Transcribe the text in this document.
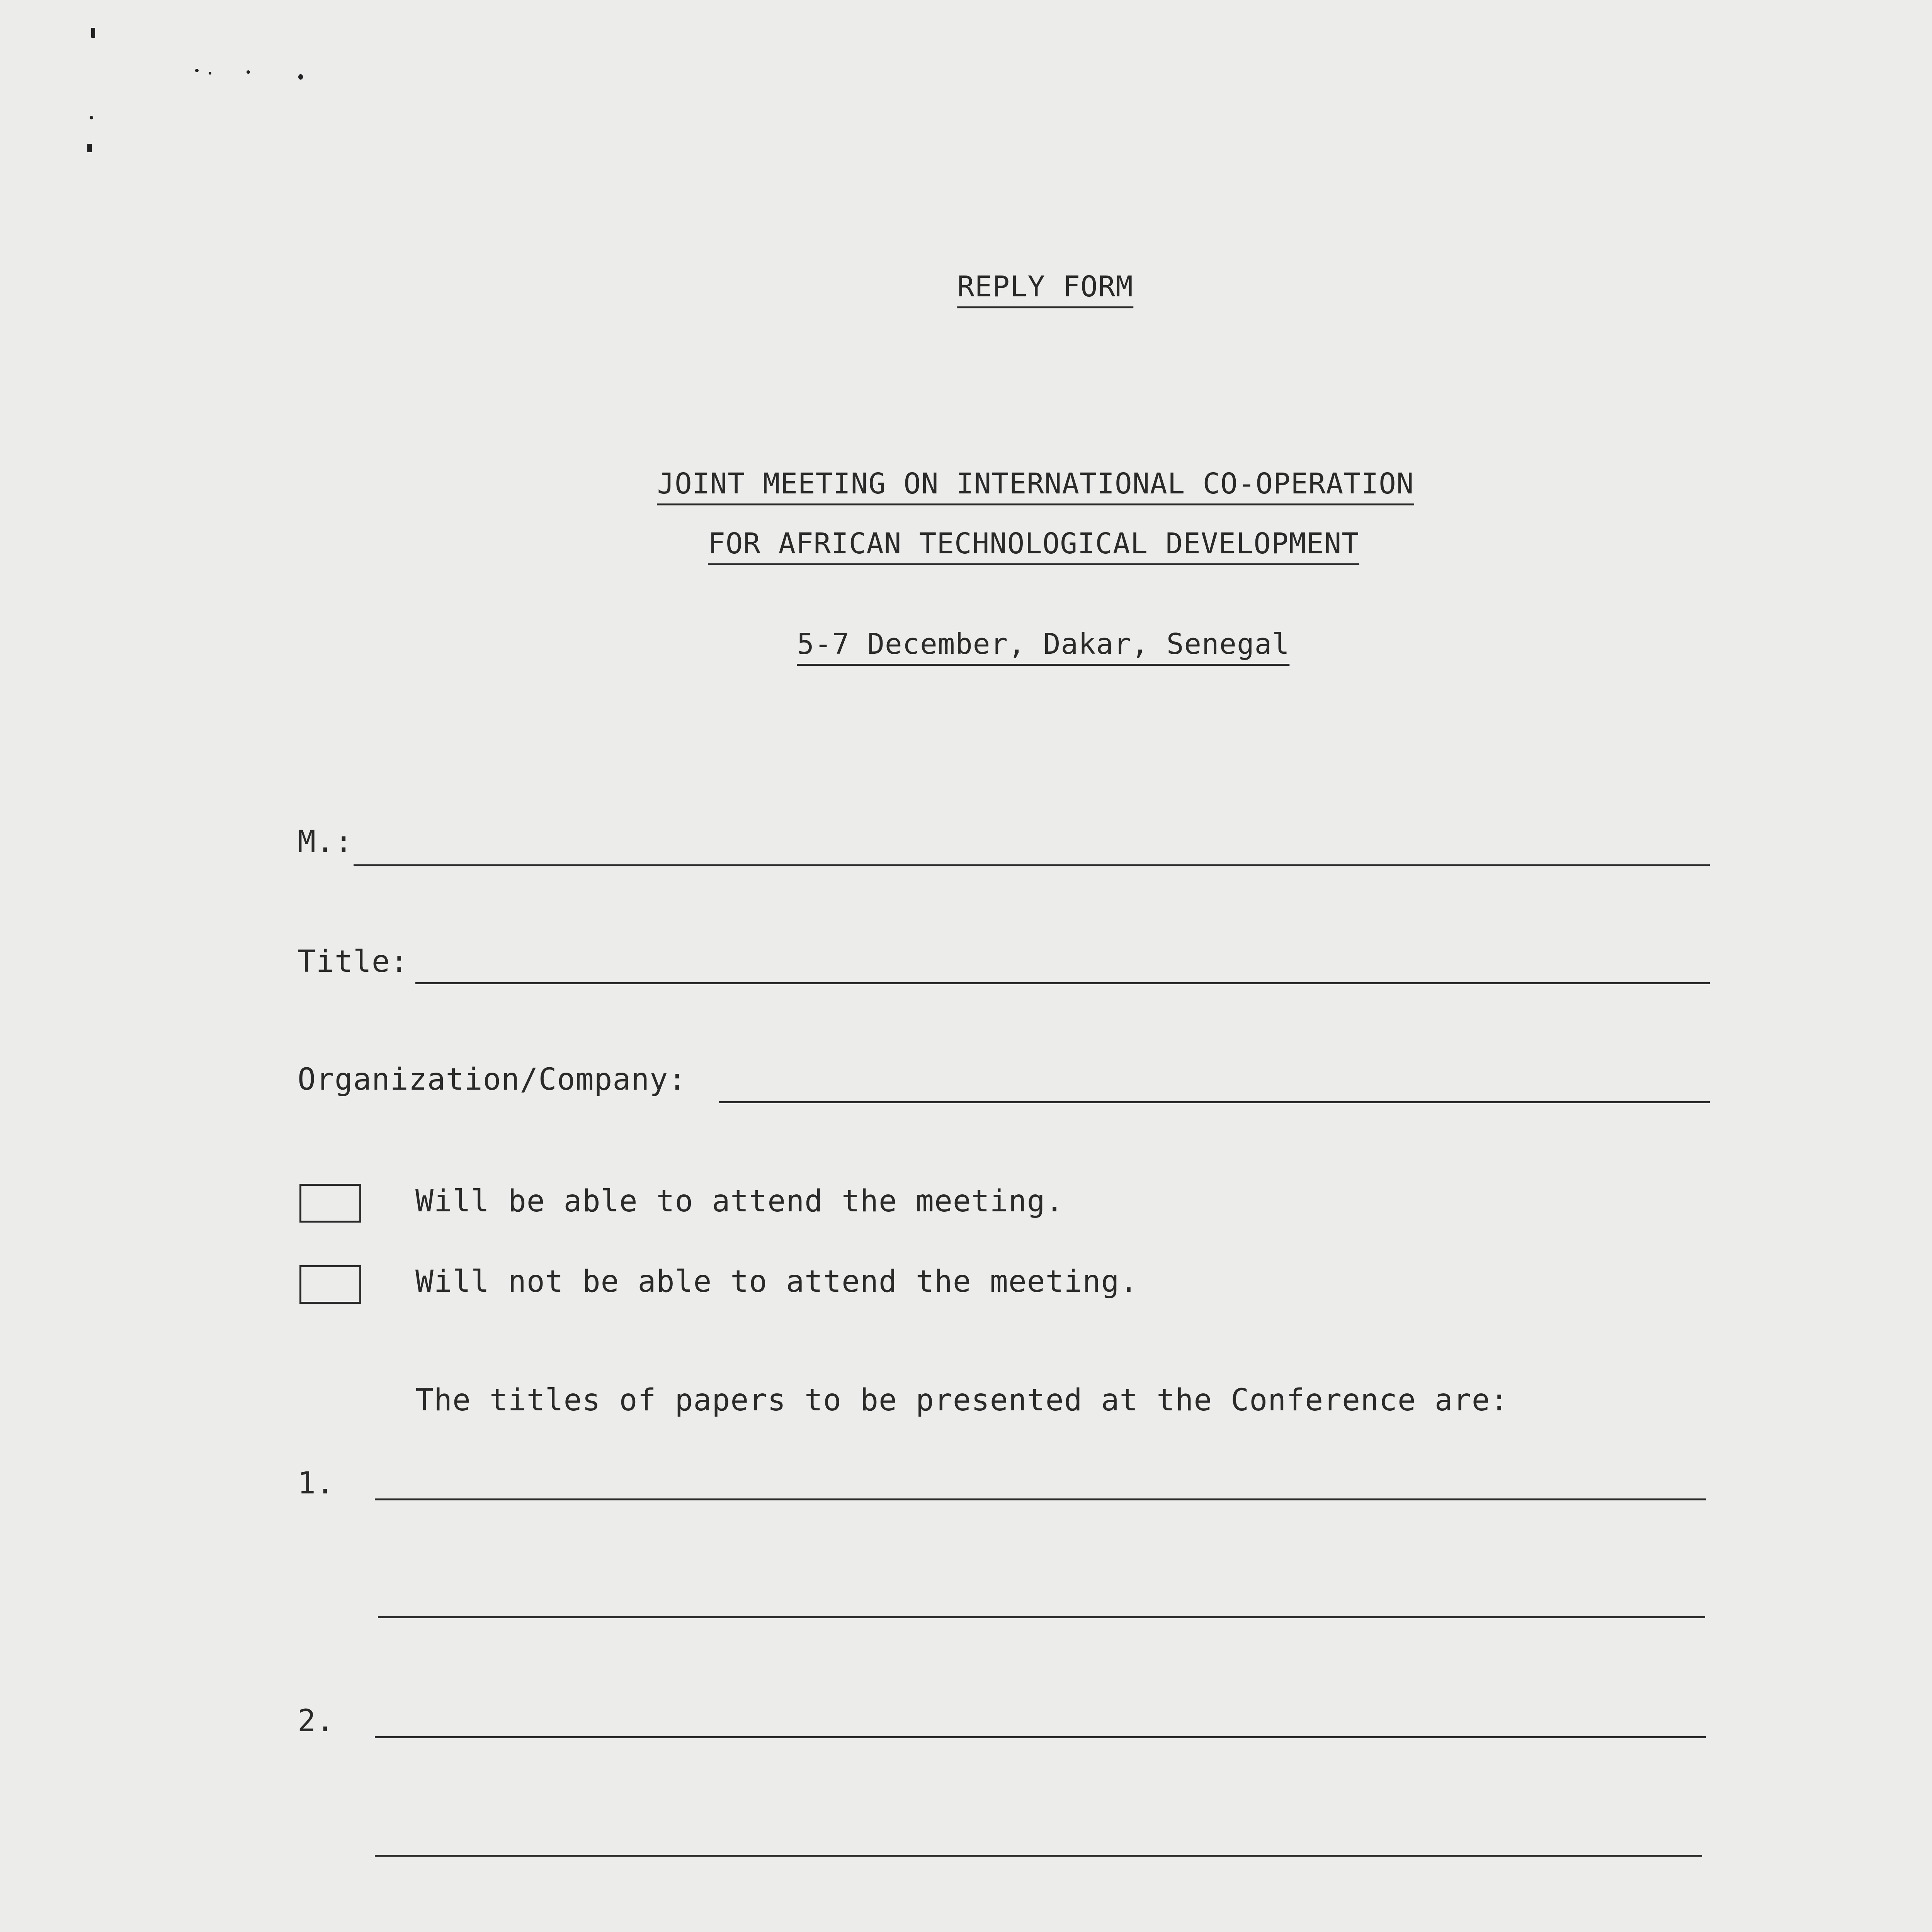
REPLY FORM
JOINT MEETING ON INTERNATIONAL CO-OPERATION
FOR AFRICAN TECHNOLOGICAL DEVELOPMENT
5-7 December, Dakar, Senegal
M.:
Title:
Organization/Company:
Will be able to attend the meeting.
Will not be able to attend the meeting.
The titles of papers to be presented at the Conference are:
1.
2.
